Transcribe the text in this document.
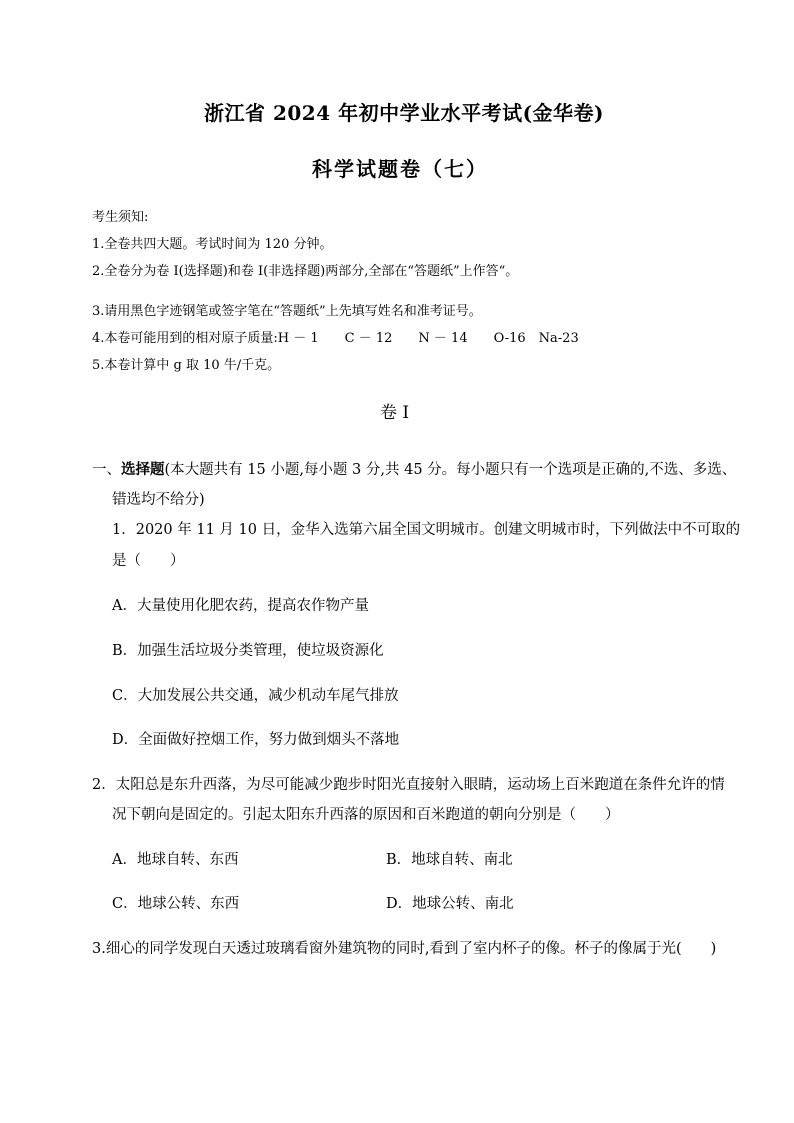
浙江省 2024 年初中学业水平考试(金华卷)
科学试题卷（七）
考生须知:
1.全卷共四大题。考试时间为 120 分钟。
2.全卷分为卷 I(选择题)和卷 I(非选择题)两部分,全部在“答题纸”上作答“。
3.请用黑色字迹钢笔或签字笔在“答题纸”上先填写姓名和准考证号。
4.本卷可能用到的相对原子质量:H － 1　　C － 12　　N － 14　　O-16　Na-23
5.本卷计算中 g 取 10 牛/千克。
卷 I
一、选择题(本大题共有 15 小题,每小题 3 分,共 45 分。每小题只有一个选项是正确的,不选、多选、
错选均不给分)
1．2020 年 11 月 10 日，金华入选第六届全国文明城市。创建文明城市时，下列做法中不可取的
是（　　）
A．大量使用化肥农药，提高农作物产量
B．加强生活垃圾分类管理，使垃圾资源化
C．大加发展公共交通，减少机动车尾气排放
D．全面做好控烟工作，努力做到烟头不落地
2．太阳总是东升西落，为尽可能减少跑步时阳光直接射入眼睛，运动场上百米跑道在条件允许的情
况下朝向是固定的。引起太阳东升西落的原因和百米跑道的朝向分别是（　　）
A．地球自转、东西	B．地球自转、南北
C．地球公转、东西	D．地球公转、南北
3.细心的同学发现白天透过玻璃看窗外建筑物的同时,看到了室内杯子的像。杯子的像属于光(　　)
